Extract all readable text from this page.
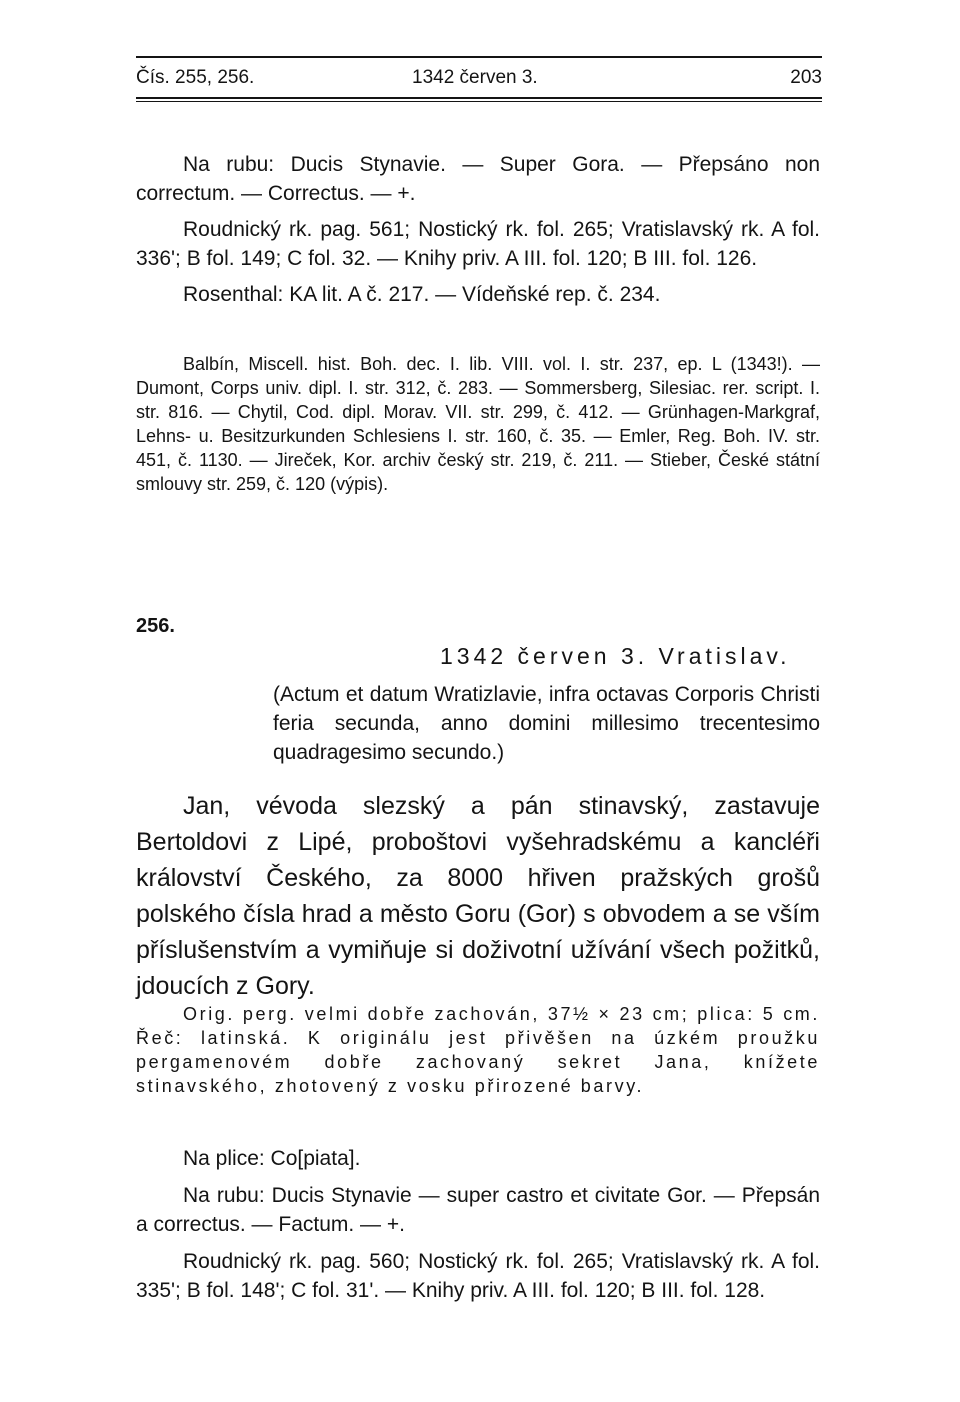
Čís. 255, 256.	1342 červen 3.	203

Na rubu: Ducis Stynavie. — Super Gora. — Přepsáno non correctum. — Correctus. — +.

Roudnický rk. pag. 561; Nostický rk. fol. 265; Vratislavský rk. A fol. 336'; B fol. 149; C fol. 32. — Knihy priv. A III. fol. 120; B III. fol. 126.

Rosenthal: KA lit. A č. 217. — Vídeňské rep. č. 234.

Balbín, Miscell. hist. Boh. dec. I. lib. VIII. vol. I. str. 237, ep. L (1343!). — Dumont, Corps univ. dipl. I. str. 312, č. 283. — Sommersberg, Silesiac. rer. script. I. str. 816. — Chytil, Cod. dipl. Morav. VII. str. 299, č. 412. — Grünhagen-Markgraf, Lehns- u. Besitzurkunden Schlesiens I. str. 160, č. 35. — Emler, Reg. Boh. IV. str. 451, č. 1130. — Jireček, Kor. archiv český str. 219, č. 211. — Stieber, České státní smlouvy str. 259, č. 120 (výpis).

256.

1342 červen 3. Vratislav.

(Actum et datum Wratizlavie, infra octavas Corporis Christi feria secunda, anno domini millesimo trecentesimo quadragesimo secundo.)

Jan, vévoda slezský a pán stinavský, zastavuje Bertoldovi z Lipé, proboštovi vyšehradskému a kancléři království Českého, za 8000 hřiven pražských grošů polského čísla hrad a město Goru (Gor) s obvodem a se vším příslušenstvím a vymiňuje si doživotní užívání všech požitků, jdoucích z Gory.

Orig. perg. velmi dobře zachován, 37½ × 23 cm; plica: 5 cm. Řeč: latinská. K originálu jest přivěšen na úzkém proužku pergamenovém dobře zachovaný sekret Jana, knížete stinavského, zhotovený z vosku přirozené barvy.

Na plice: Co[piata].

Na rubu: Ducis Stynavie — super castro et civitate Gor. — Přepsán a correctus. — Factum. — +.

Roudnický rk. pag. 560; Nostický rk. fol. 265; Vratislavský rk. A fol. 335'; B fol. 148'; C fol. 31'. — Knihy priv. A III. fol. 120; B III. fol. 128.
